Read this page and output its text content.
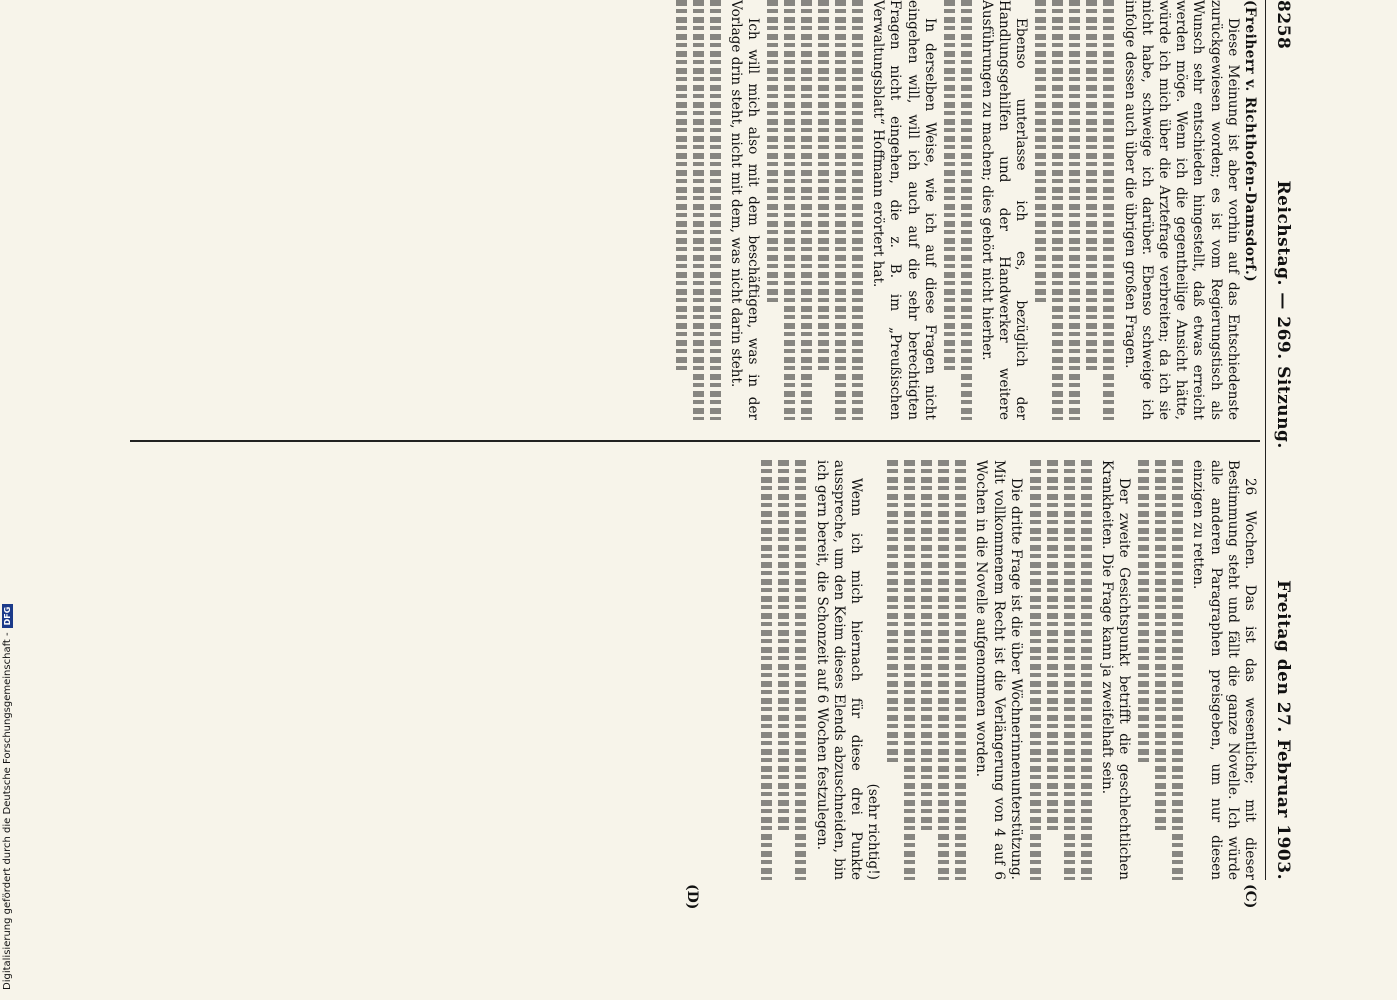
8258
Reichstag. — 269. Sitzung.
Freitag den 27. Februar 1903.
(Freiherr v. Richthofen-Damsdorf.)

Diese Meinung ist aber vorhin auf das Entschiedenste zurückgewiesen worden; es ist vom Regierungstisch als Wunsch sehr entschieden hingestellt, daß etwas erreicht werden möge. Wenn ich die gegentheilige Ansicht hätte, würde ich mich über die Arztefrage verbreiten; da ich sie nicht habe, schweige ich darüber. Ebenso schweige ich infolge dessen auch über die übrigen großen Fragen.

Ebenso unterlasse ich es, bezüglich der Handlungsgehilfen und der Handwerker weitere Ausführungen zu machen; dies gehört nicht hierher.

In derselben Weise, wie ich auf diese Fragen nicht eingehen will, will ich auch auf die sehr berechtigten Fragen nicht eingehen, die z. B. im „Preußischen Verwaltungsblatt“ Hoffmann erörtert hat.

Ich will mich also mit dem beschäftigen, was in der Vorlage drin steht, nicht mit dem, was nicht darin steht.

26 Wochen. Das ist das wesentliche; mit dieser Bestimmung steht und fällt die ganze Novelle. Ich würde alle anderen Paragraphen preisgeben, um nur diesen einzigen zu retten.

Der zweite Gesichtspunkt betrifft die geschlechtlichen Krankheiten. Die Frage kann ja zweifelhaft sein.

Die dritte Frage ist die über Wöchnerinnenunterstützung. Mit vollkommenem Recht ist die Verlängerung von 4 auf 6 Wochen in die Novelle aufgenommen worden.

(sehr richtig!)

Wenn ich mich hiernach für diese drei Punkte ausspreche, um den Keim dieses Elends abzuschneiden, bin ich gern bereit, die Schonzeit auf 6 Wochen festzulegen.

(C)
(D)
Digitalisierung gefördert durch die Deutsche Forschungsgemeinschaft -
DFG
